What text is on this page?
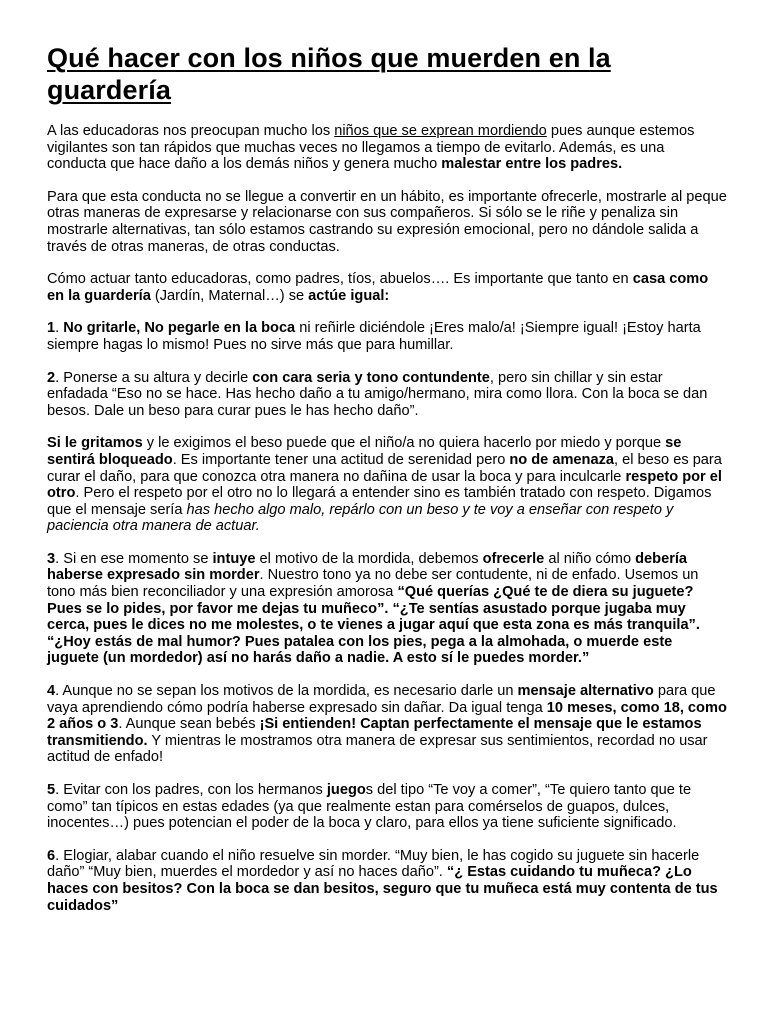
Qué hacer con los niños que muerden en la guardería

A las educadoras nos preocupan mucho los niños que se exprean mordiendo pues aunque estemos vigilantes son tan rápidos que muchas veces no llegamos a tiempo de evitarlo. Además, es una conducta que hace daño a los demás niños y genera mucho malestar entre los padres.

Para que esta conducta no se llegue a convertir en un hábito, es importante ofrecerle, mostrarle al peque otras maneras de expresarse y relacionarse con sus compañeros. Si sólo se le riñe y penaliza sin mostrarle alternativas, tan sólo estamos castrando su expresión emocional, pero no dándole salida a través de otras maneras, de otras conductas.

Cómo actuar tanto educadoras, como padres, tíos, abuelos…. Es importante que tanto en casa como en la guardería (Jardín, Maternal…) se actúe igual:

1. No gritarle, No pegarle en la boca ni reñirle diciéndole ¡Eres malo/a! ¡Siempre igual! ¡Estoy harta siempre hagas lo mismo! Pues no sirve más que para humillar.

2. Ponerse a su altura y decirle con cara seria y tono contundente, pero sin chillar y sin estar enfadada “Eso no se hace. Has hecho daño a tu amigo/hermano, mira como llora. Con la boca se dan besos. Dale un beso para curar pues le has hecho daño”.

Si le gritamos y le exigimos el beso puede que el niño/a no quiera hacerlo por miedo y porque se sentirá bloqueado. Es importante tener una actitud de serenidad pero no de amenaza, el beso es para curar el daño, para que conozca otra manera no dañina de usar la boca y para inculcarle respeto por el otro. Pero el respeto por el otro no lo llegará a entender sino es también tratado con respeto. Digamos que el mensaje sería has hecho algo malo, repárlo con un beso y te voy a enseñar con respeto y paciencia otra manera de actuar.

3. Si en ese momento se intuye el motivo de la mordida, debemos ofrecerle al niño cómo debería haberse expresado sin morder. Nuestro tono ya no debe ser contudente, ni de enfado. Usemos un tono más bien reconciliador y una expresión amorosa “Qué querías ¿Qué te de diera su juguete? Pues se lo pides, por favor me dejas tu muñeco”. “¿Te sentías asustado porque jugaba muy cerca, pues le dices no me molestes, o te vienes a jugar aquí que esta zona es más tranquila”. “¿Hoy estás de mal humor? Pues patalea con los pies, pega a la almohada, o muerde este juguete (un mordedor) así no harás daño a nadie. A esto sí le puedes morder.”

4. Aunque no se sepan los motivos de la mordida, es necesario darle un mensaje alternativo para que vaya aprendiendo cómo podría haberse expresado sin dañar. Da igual tenga 10 meses, como 18, como 2 años o 3. Aunque sean bebés ¡Si entienden! Captan perfectamente el mensaje que le estamos transmitiendo. Y mientras le mostramos otra manera de expresar sus sentimientos, recordad no usar actitud de enfado!

5. Evitar con los padres, con los hermanos juegos del tipo “Te voy a comer”, “Te quiero tanto que te como” tan típicos en estas edades (ya que realmente estan para comérselos de guapos, dulces, inocentes…) pues potencian el poder de la boca y claro, para ellos ya tiene suficiente significado.

6. Elogiar, alabar cuando el niño resuelve sin morder. “Muy bien, le has cogido su juguete sin hacerle daño” “Muy bien, muerdes el mordedor y así no haces daño”. “¿ Estas cuidando tu muñeca? ¿Lo haces con besitos? Con la boca se dan besitos, seguro que tu muñeca está muy contenta de tus cuidados”
